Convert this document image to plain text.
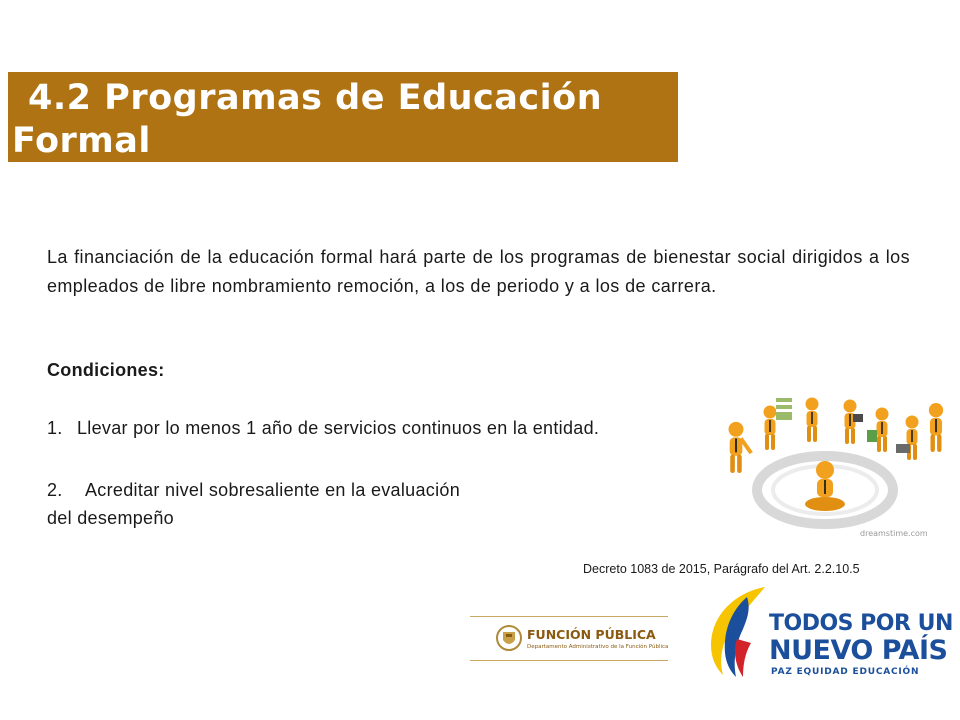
4.2 Programas de Educación
Formal
La financiación de la educación formal hará parte de los programas de bienestar social dirigidos a los empleados de libre nombramiento remoción, a los de periodo y a los de carrera.
Condiciones:
1. Llevar por lo menos 1 año de servicios continuos en la entidad.
2. Acreditar nivel sobresaliente en la evaluación
del desempeño
dreamstime.com
Decreto 1083 de 2015, Parágrafo del Art. 2.2.10.5
FUNCIÓN PÚBLICA
Departamento Administrativo de la Función Pública
TODOS POR UN
NUEVO PAÍS
PAZ EQUIDAD EDUCACIÓN
